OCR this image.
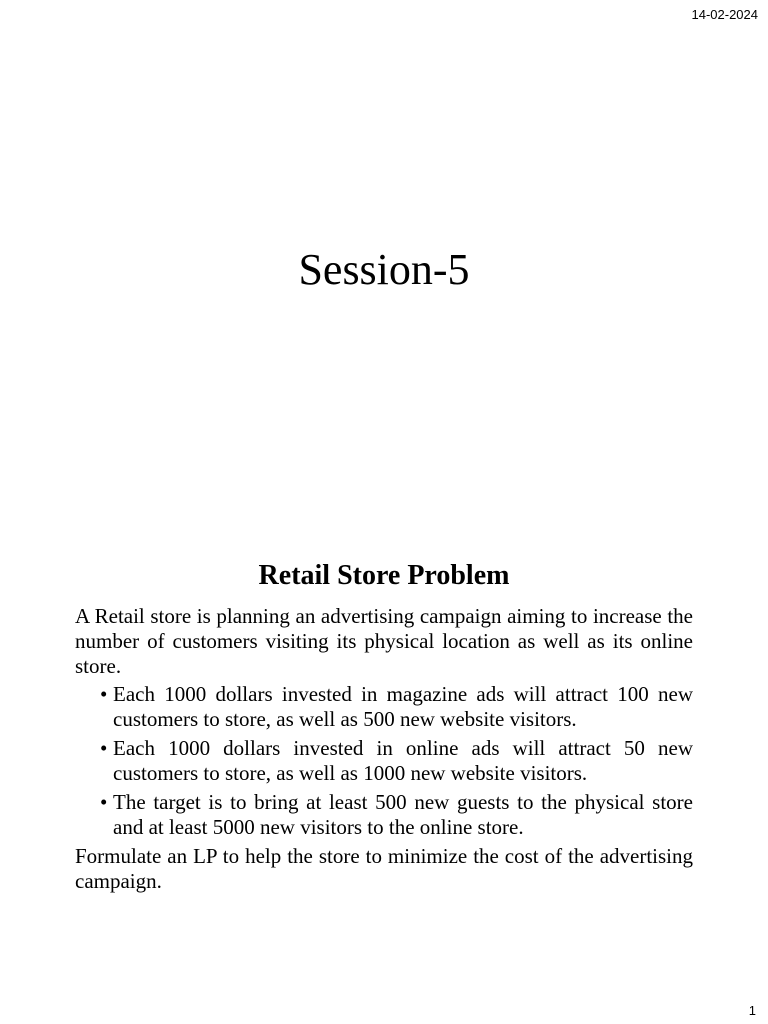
14-02-2024
Session-5
Retail Store Problem

A Retail store is planning an advertising campaign aiming to increase the number of customers visiting its physical location as well as its online store.

• Each 1000 dollars invested in magazine ads will attract 100 new customers to store, as well as 500 new website visitors.
• Each 1000 dollars invested in online ads will attract 50 new customers to store, as well as 1000 new website visitors.
• The target is to bring at least 500 new guests to the physical store and at least 5000 new visitors to the online store.

Formulate an LP to help the store to minimize the cost of the advertising campaign.

1
